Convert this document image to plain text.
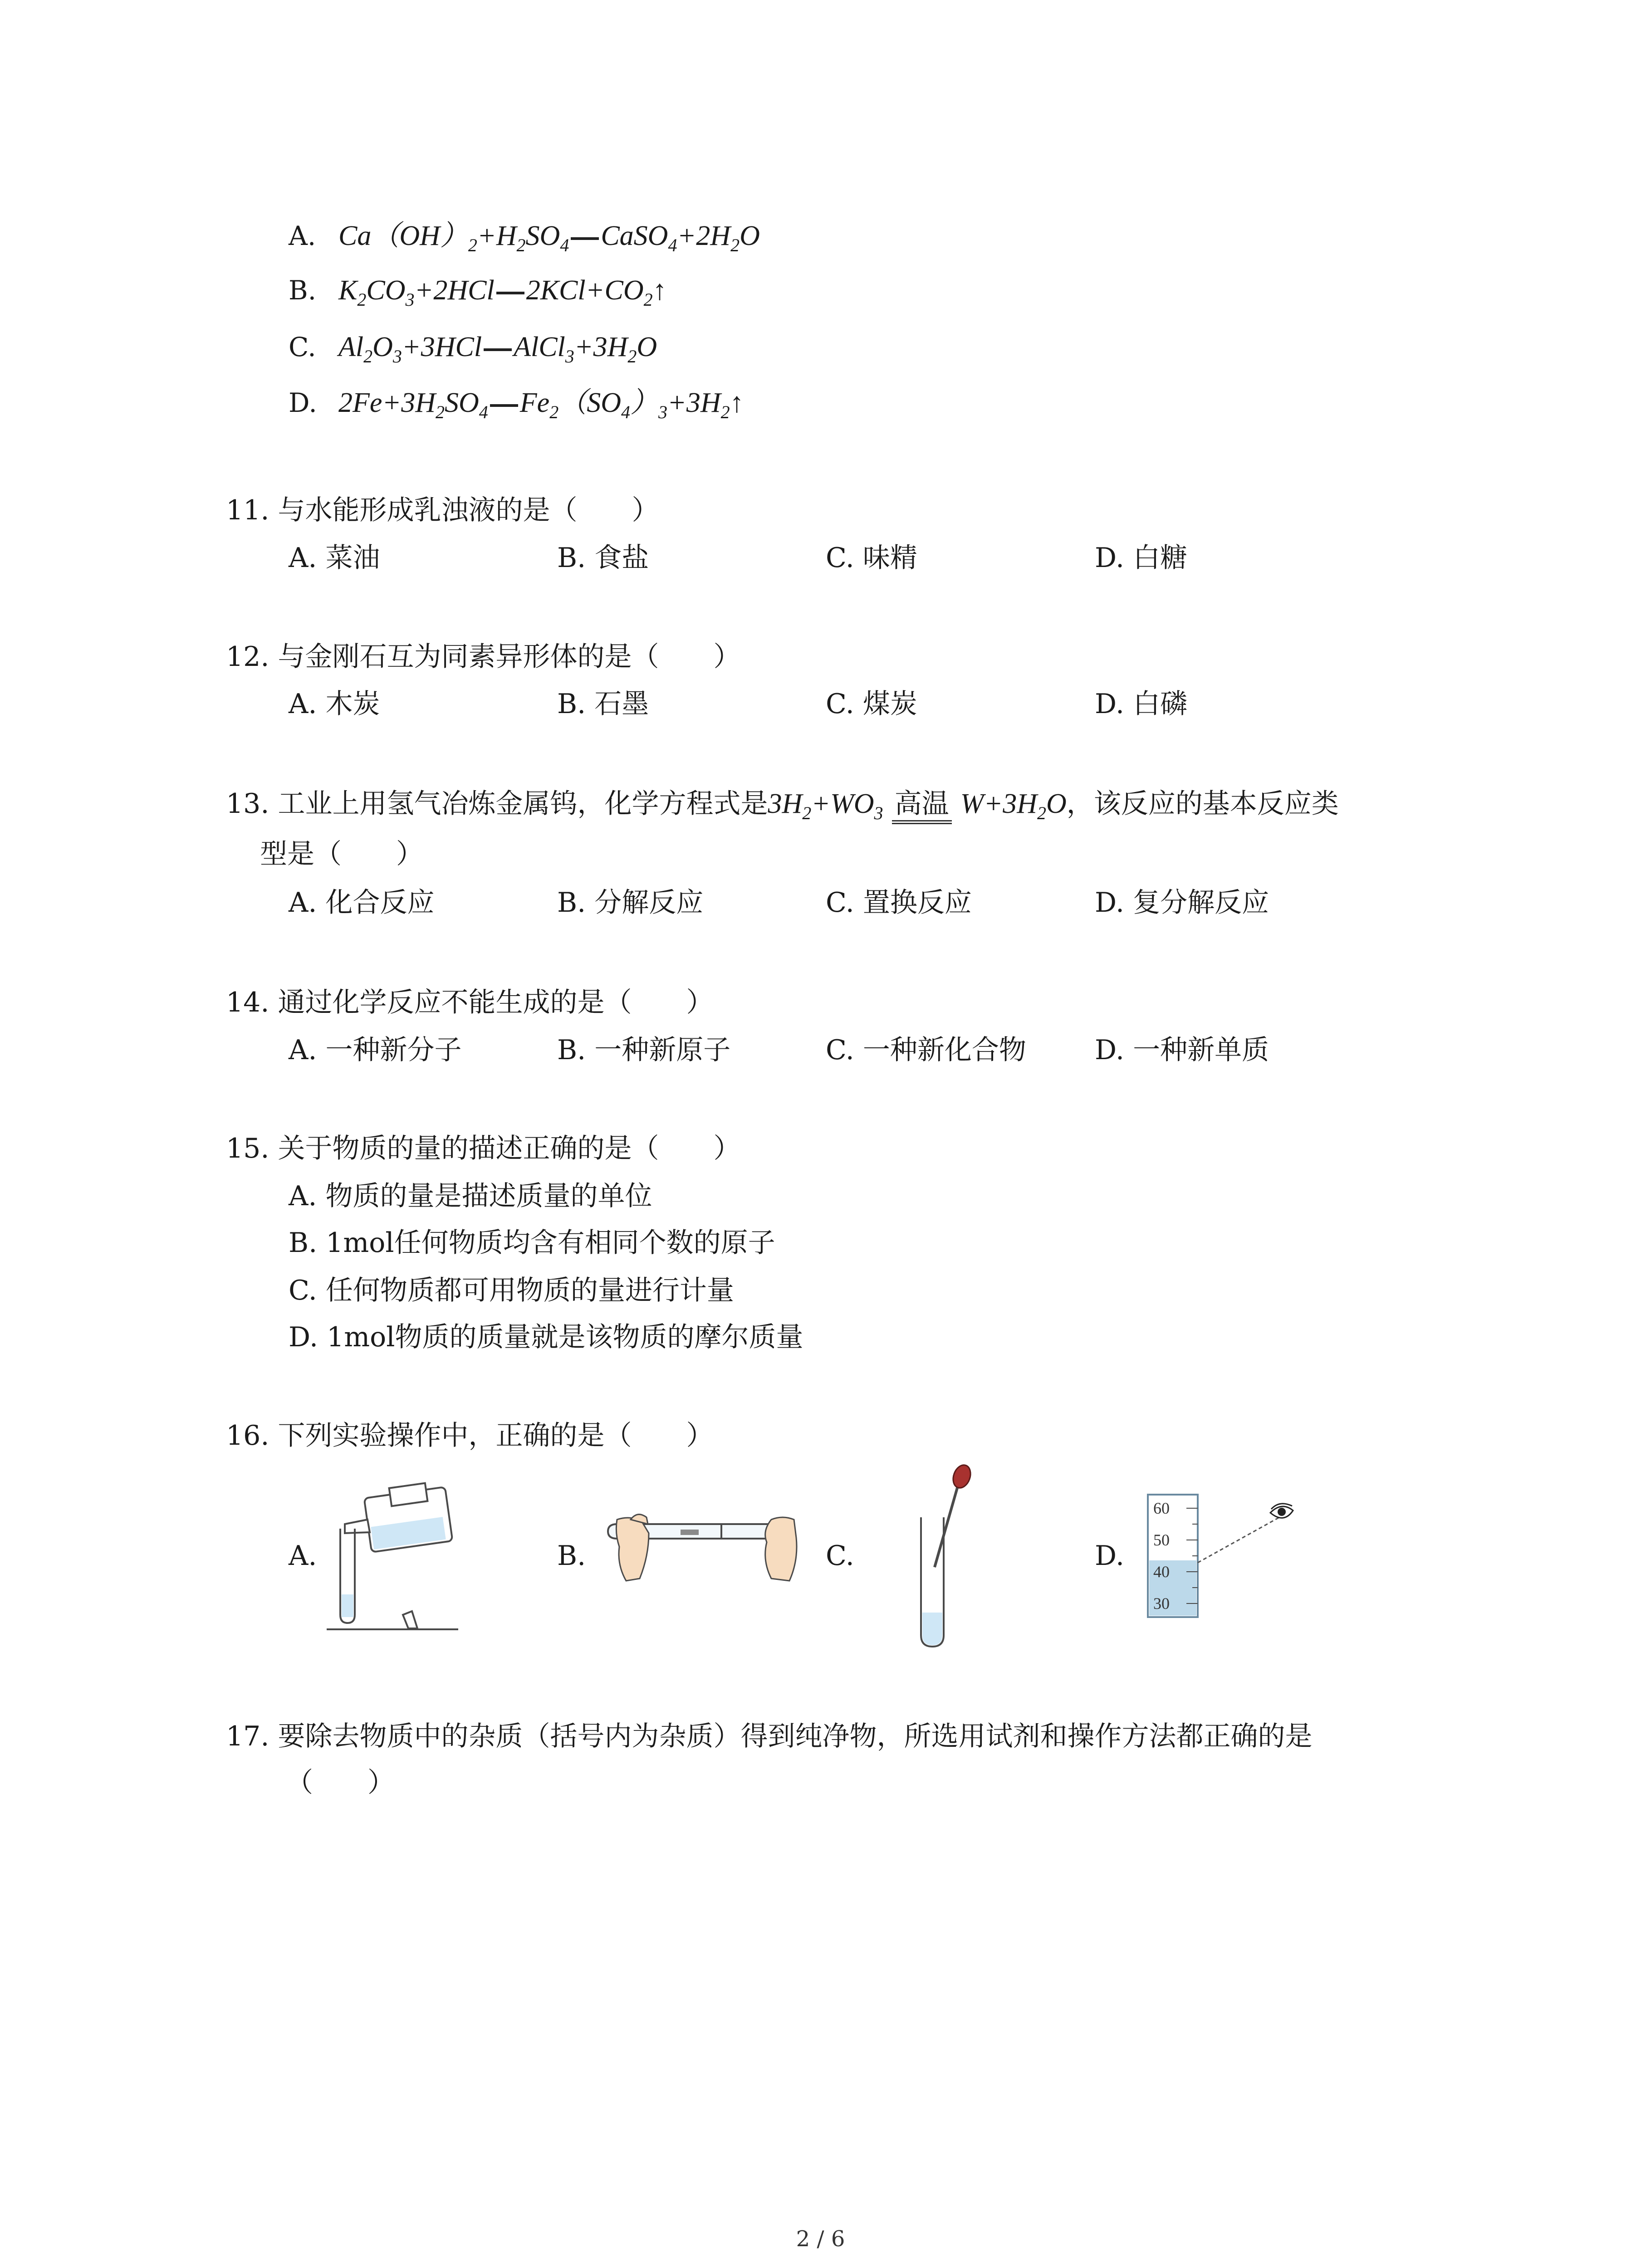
A. $Ca(OH)_2+H_2SO_4$ $CaSO_4+2H_2O$
B. $K_2CO_3+2HCl$ $2KCl+CO_2↑$
C. $Al_2O_3+3HCl$ $AlCl_3+3H_2O$
D. $2Fe+3H_2SO_4$ $Fe_2(SO_4)_3+3H_2↑$
11. 与水能形成乳浊液的是（　　）
A. 菜油	B. 食盐	C. 味精	D. 白糖
12. 与金刚石互为同素异形体的是（　　）
A. 木炭	B. 石墨	C. 煤炭	D. 白磷
13. 工业上用氢气冶炼金属钨，化学方程式是$3H_2+WO_3$ 高温 $W+3H_2O$，该反应的基本反应类
型是（　　）
A. 化合反应	B. 分解反应	C. 置换反应	D. 复分解反应
14. 通过化学反应不能生成的是（　　）
A. 一种新分子	B. 一种新原子	C. 一种新化合物	D. 一种新单质
15. 关于物质的量的描述正确的是（　　）
A. 物质的量是描述质量的单位
B. 1mol任何物质均含有相同个数的原子
C. 任何物质都可用物质的量进行计量
D. 1mol物质的质量就是该物质的摩尔质量
16. 下列实验操作中，正确的是（　　）
A.	B.	C.	D.
60
50
40
30
17. 要除去物质中的杂质（括号内为杂质）得到纯净物，所选用试剂和操作方法都正确的是
（　　）
2 / 6
